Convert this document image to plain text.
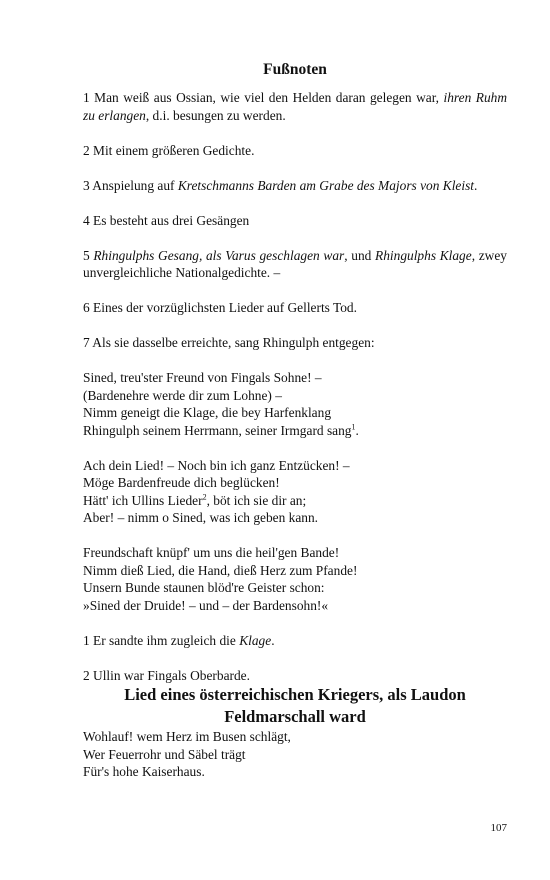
Fußnoten

1 Man weiß aus Ossian, wie viel den Helden daran gelegen war, ihren Ruhm zu erlangen, d.i. besungen zu werden.

2 Mit einem größeren Gedichte.

3 Anspielung auf Kretschmanns Barden am Grabe des Majors von Kleist.

4 Es besteht aus drei Gesängen

5 Rhingulphs Gesang, als Varus geschlagen war, und Rhingulphs Klage, zwey unvergleichliche Nationalgedichte. –

6 Eines der vorzüglichsten Lieder auf Gellerts Tod.

7 Als sie dasselbe erreichte, sang Rhingulph entgegen:

Sined, treu'ster Freund von Fingals Sohne! –
(Bardenehre werde dir zum Lohne) –
Nimm geneigt die Klage, die bey Harfenklang
Rhingulph seinem Herrmann, seiner Irmgard sang$^1$.
Ach dein Lied! – Noch bin ich ganz Entzücken! –
Möge Bardenfreude dich beglücken!
Hätt' ich Ullins Lieder$^2$, böt ich sie dir an;
Aber! – nimm o Sined, was ich geben kann.
Freundschaft knüpf' um uns die heil'gen Bande!
Nimm dieß Lied, die Hand, dieß Herz zum Pfande!
Unsern Bunde staunen blöd're Geister schon:
»Sined der Druide! – und – der Bardensohn!«

1 Er sandte ihm zugleich die Klage.

2 Ullin war Fingals Oberbarde.

Lied eines österreichischen Kriegers, als Laudon
Feldmarschall ward

Wohlauf! wem Herz im Busen schlägt,

Wer Feuerrohr und Säbel trägt

Für's hohe Kaiserhaus.

107
